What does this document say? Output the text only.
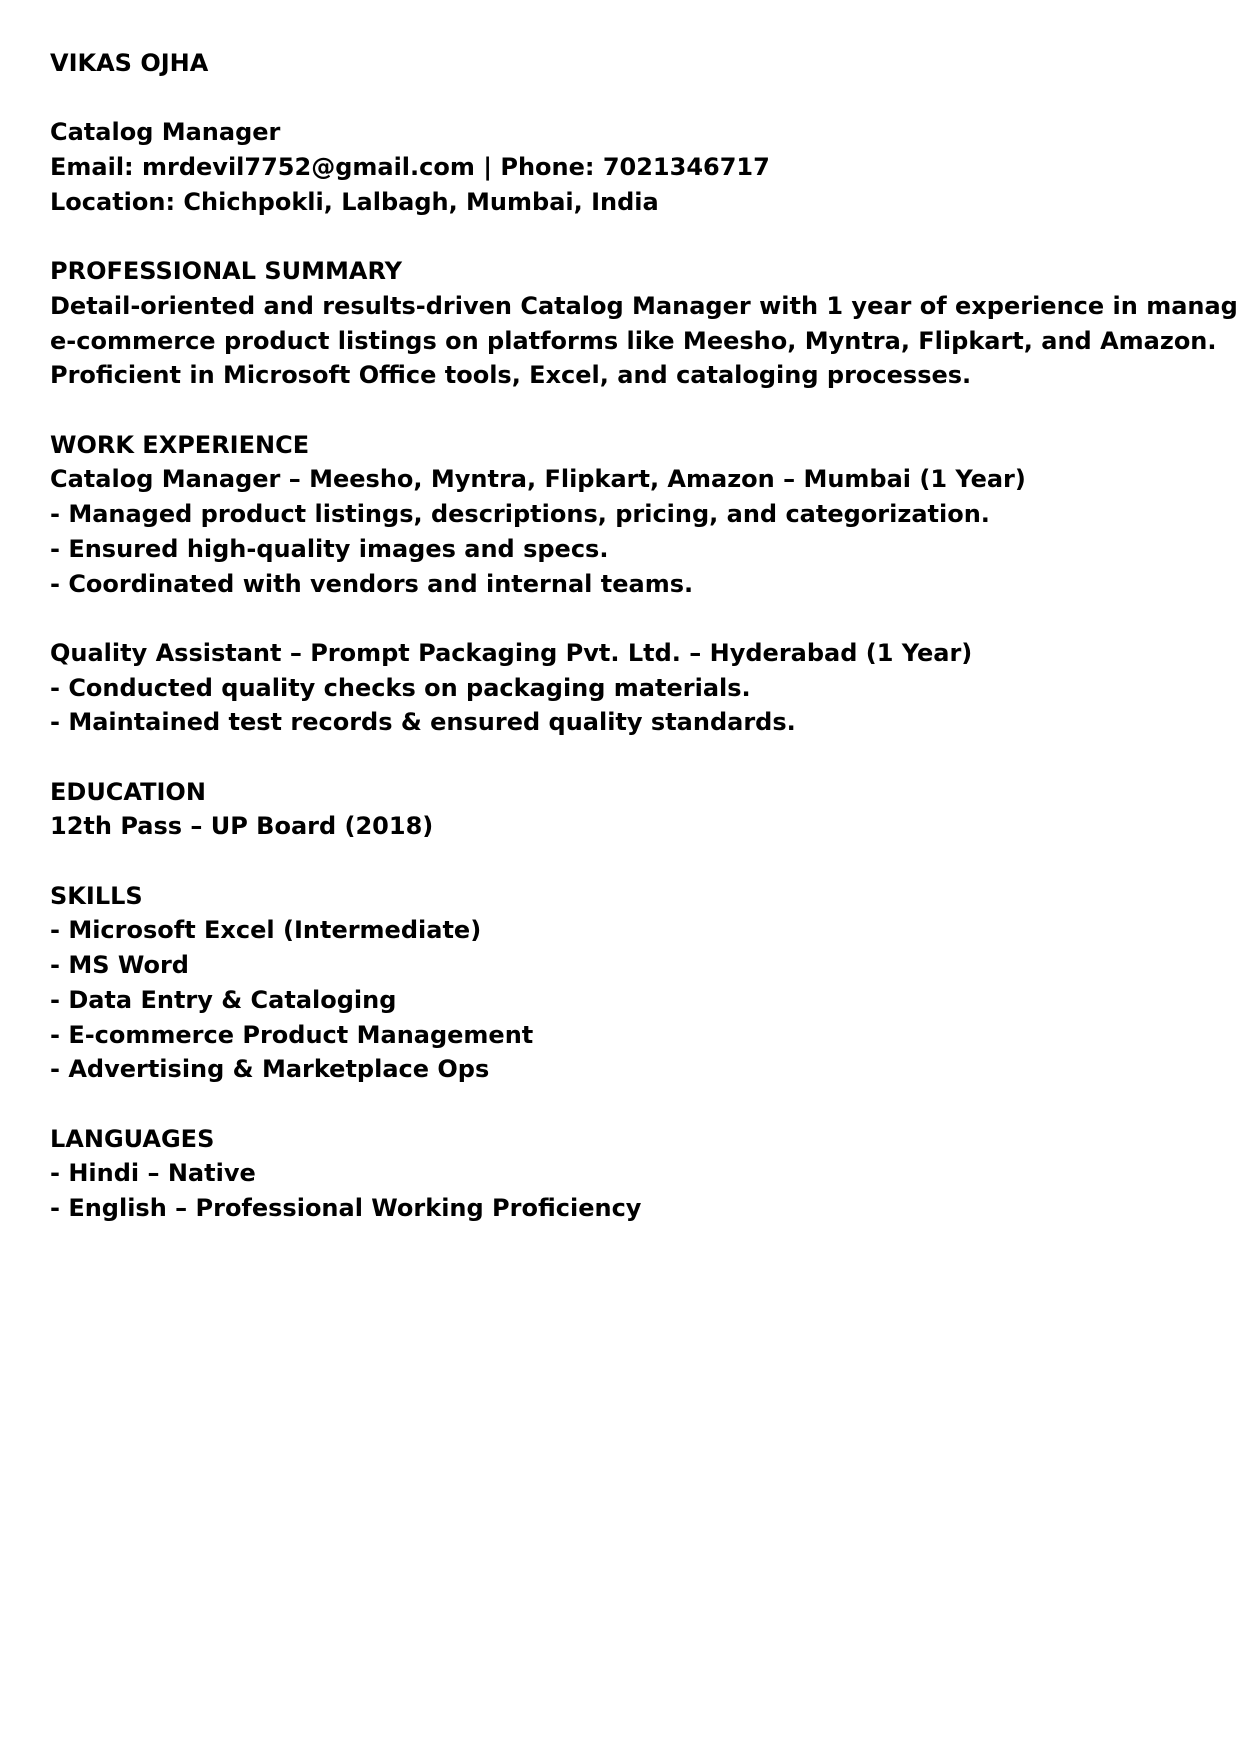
VIKAS OJHA
Catalog Manager
Email: mrdevil7752@gmail.com | Phone: 7021346717
Location: Chichpokli, Lalbagh, Mumbai, India
PROFESSIONAL SUMMARY
Detail-oriented and results-driven Catalog Manager with 1 year of experience in manag
e-commerce product listings on platforms like Meesho, Myntra, Flipkart, and Amazon.
Proficient in Microsoft Office tools, Excel, and cataloging processes.
WORK EXPERIENCE
Catalog Manager – Meesho, Myntra, Flipkart, Amazon – Mumbai (1 Year)
- Managed product listings, descriptions, pricing, and categorization.
- Ensured high-quality images and specs.
- Coordinated with vendors and internal teams.
Quality Assistant – Prompt Packaging Pvt. Ltd. – Hyderabad (1 Year)
- Conducted quality checks on packaging materials.
- Maintained test records & ensured quality standards.
EDUCATION
12th Pass – UP Board (2018)
SKILLS
- Microsoft Excel (Intermediate)
- MS Word
- Data Entry & Cataloging
- E-commerce Product Management
- Advertising & Marketplace Ops
LANGUAGES
- Hindi – Native
- English – Professional Working Proficiency
